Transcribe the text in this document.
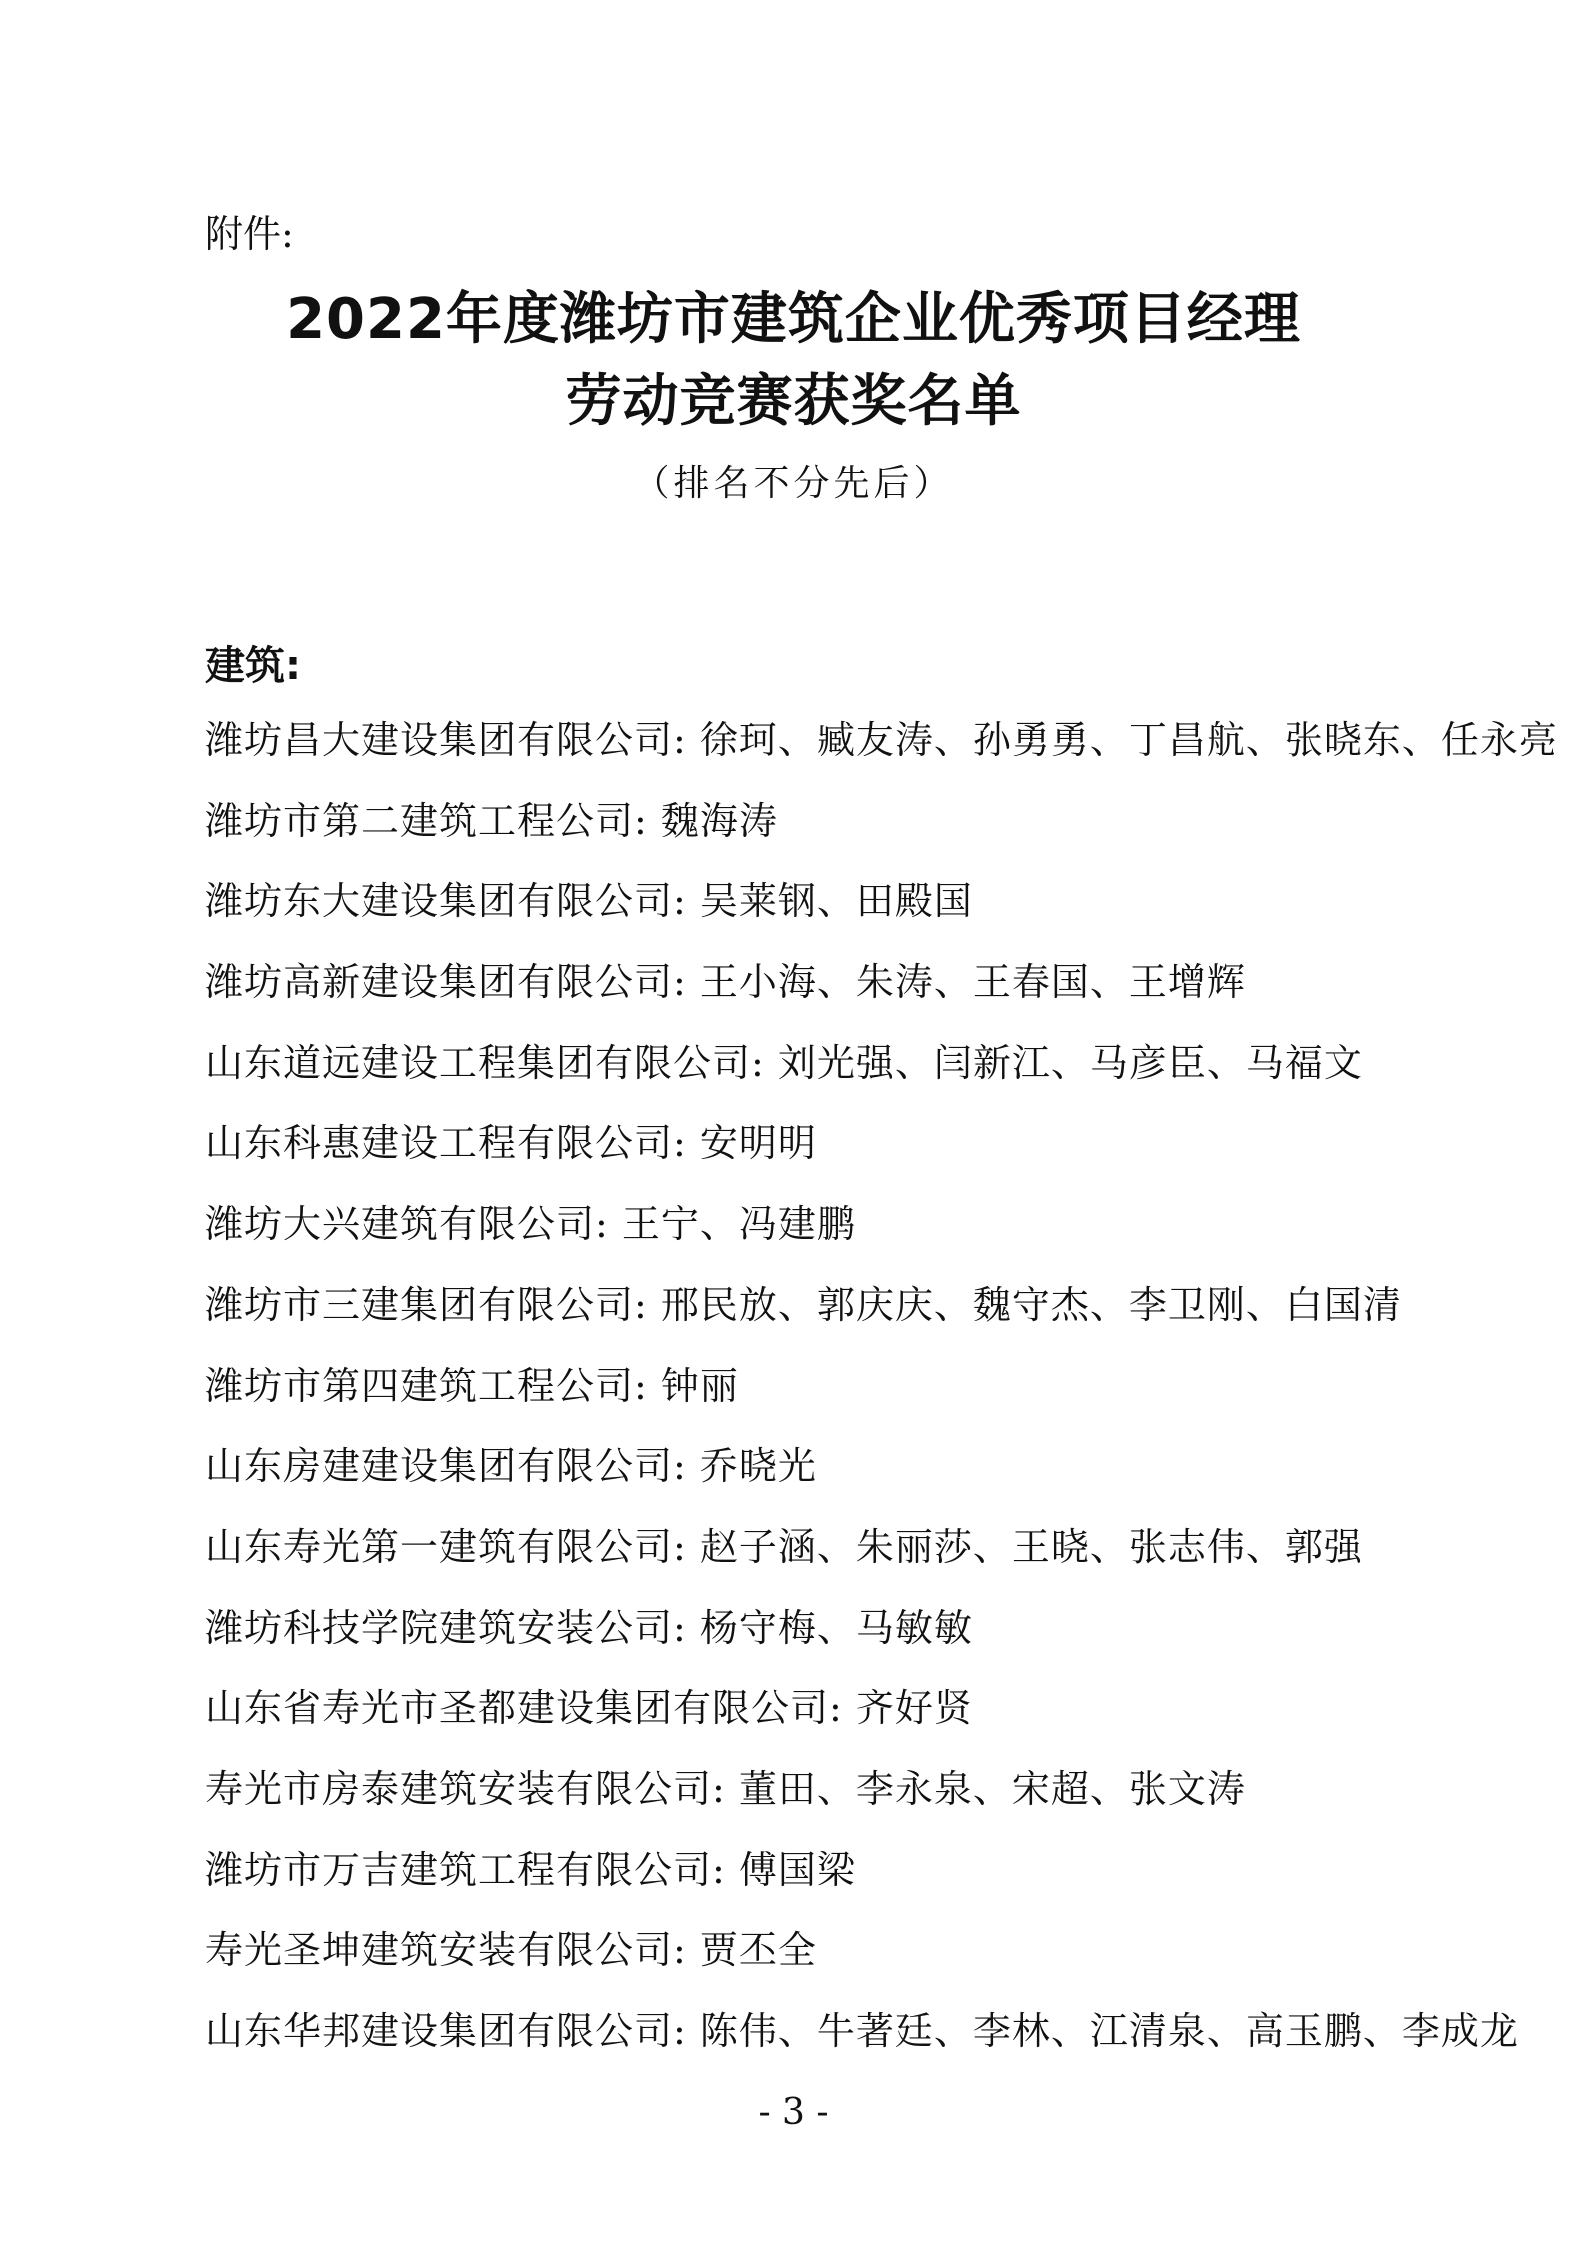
附件:
2022年度潍坊市建筑企业优秀项目经理
劳动竞赛获奖名单
（排名不分先后）
建筑:
潍坊昌大建设集团有限公司: 徐珂、臧友涛、孙勇勇、丁昌航、张晓东、任永亮
潍坊市第二建筑工程公司: 魏海涛
潍坊东大建设集团有限公司: 吴莱钢、田殿国
潍坊高新建设集团有限公司: 王小海、朱涛、王春国、王增辉
山东道远建设工程集团有限公司: 刘光强、闫新江、马彦臣、马福文
山东科惠建设工程有限公司: 安明明
潍坊大兴建筑有限公司: 王宁、冯建鹏
潍坊市三建集团有限公司: 邢民放、郭庆庆、魏守杰、李卫刚、白国清
潍坊市第四建筑工程公司: 钟丽
山东房建建设集团有限公司: 乔晓光
山东寿光第一建筑有限公司: 赵子涵、朱丽莎、王晓、张志伟、郭强
潍坊科技学院建筑安装公司: 杨守梅、马敏敏
山东省寿光市圣都建设集团有限公司: 齐好贤
寿光市房泰建筑安装有限公司: 董田、李永泉、宋超、张文涛
潍坊市万吉建筑工程有限公司: 傅国梁
寿光圣坤建筑安装有限公司: 贾丕全
山东华邦建设集团有限公司: 陈伟、牛著廷、李林、江清泉、高玉鹏、李成龙
- 3 -
